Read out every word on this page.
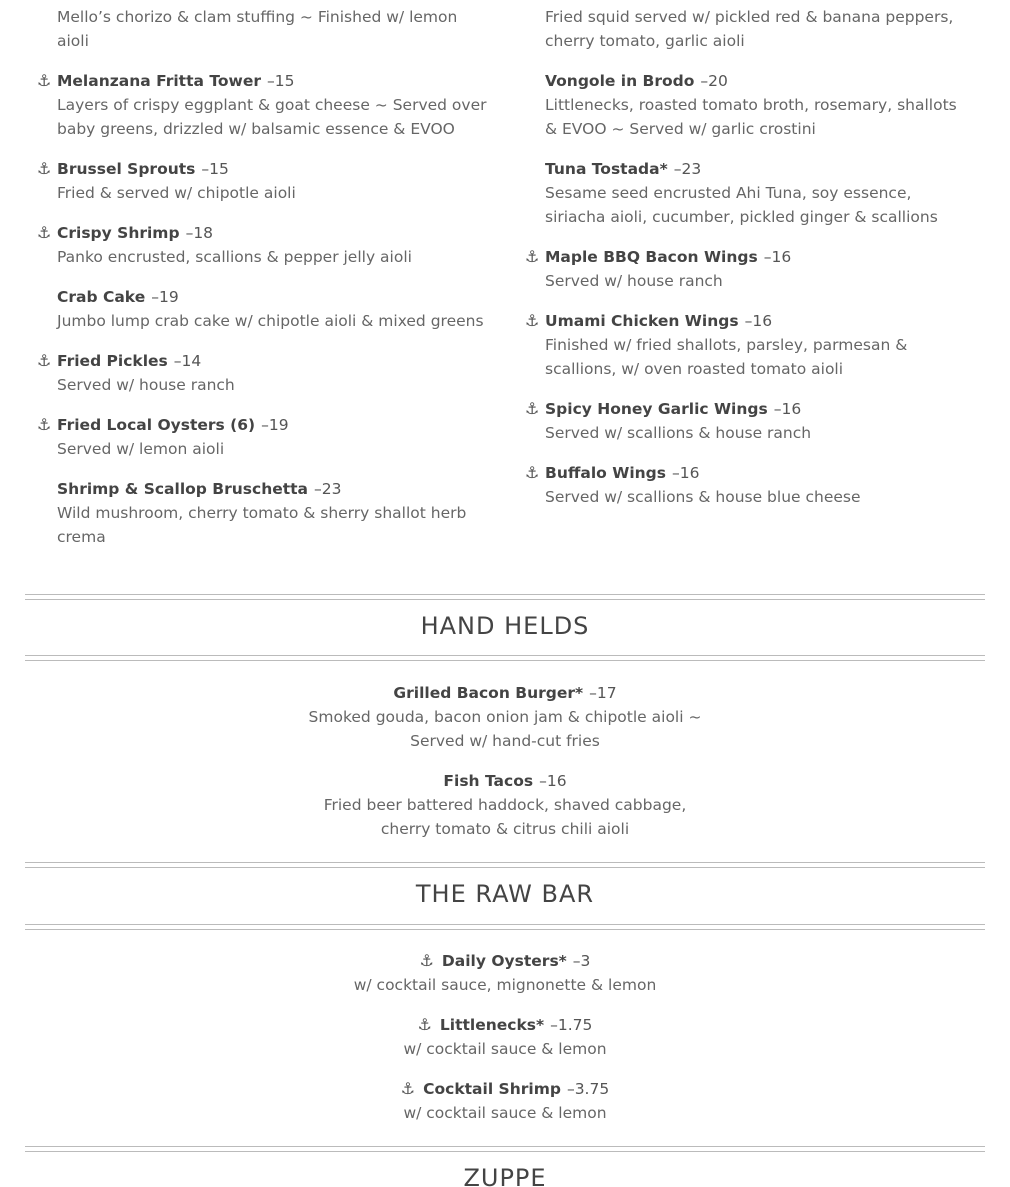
Mello’s chorizo & clam stuffing ~ Finished w/ lemon aioli
⚓︎ Melanzana Fritta Tower –15
Layers of crispy eggplant & goat cheese ~ Served over baby greens, drizzled w/ balsamic essence & EVOO
⚓︎ Brussel Sprouts –15
Fried & served w/ chipotle aioli
⚓︎ Crispy Shrimp –18
Panko encrusted, scallions & pepper jelly aioli
Crab Cake –19
Jumbo lump crab cake w/ chipotle aioli & mixed greens
⚓︎ Fried Pickles –14
Served w/ house ranch
⚓︎ Fried Local Oysters (6) –19
Served w/ lemon aioli
Shrimp & Scallop Bruschetta –23
Wild mushroom, cherry tomato & sherry shallot herb crema
Fried squid served w/ pickled red & banana peppers, cherry tomato, garlic aioli
Vongole in Brodo –20
Littlenecks, roasted tomato broth, rosemary, shallots & EVOO ~ Served w/ garlic crostini
Tuna Tostada* –23
Sesame seed encrusted Ahi Tuna, soy essence, siriacha aioli, cucumber, pickled ginger & scallions
⚓︎ Maple BBQ Bacon Wings –16
Served w/ house ranch
⚓︎ Umami Chicken Wings –16
Finished w/ fried shallots, parsley, parmesan & scallions, w/ oven roasted tomato aioli
⚓︎ Spicy Honey Garlic Wings –16
Served w/ scallions & house ranch
⚓︎ Buffalo Wings –16
Served w/ scallions & house blue cheese
HAND HELDS
Grilled Bacon Burger* –17
Smoked gouda, bacon onion jam & chipotle aioli ~
Served w/ hand-cut fries
Fish Tacos –16
Fried beer battered haddock, shaved cabbage,
cherry tomato & citrus chili aioli
THE RAW BAR
⚓︎ Daily Oysters* –3
w/ cocktail sauce, mignonette & lemon
⚓︎ Littlenecks* –1.75
w/ cocktail sauce & lemon
⚓︎ Cocktail Shrimp –3.75
w/ cocktail sauce & lemon
ZUPPE
